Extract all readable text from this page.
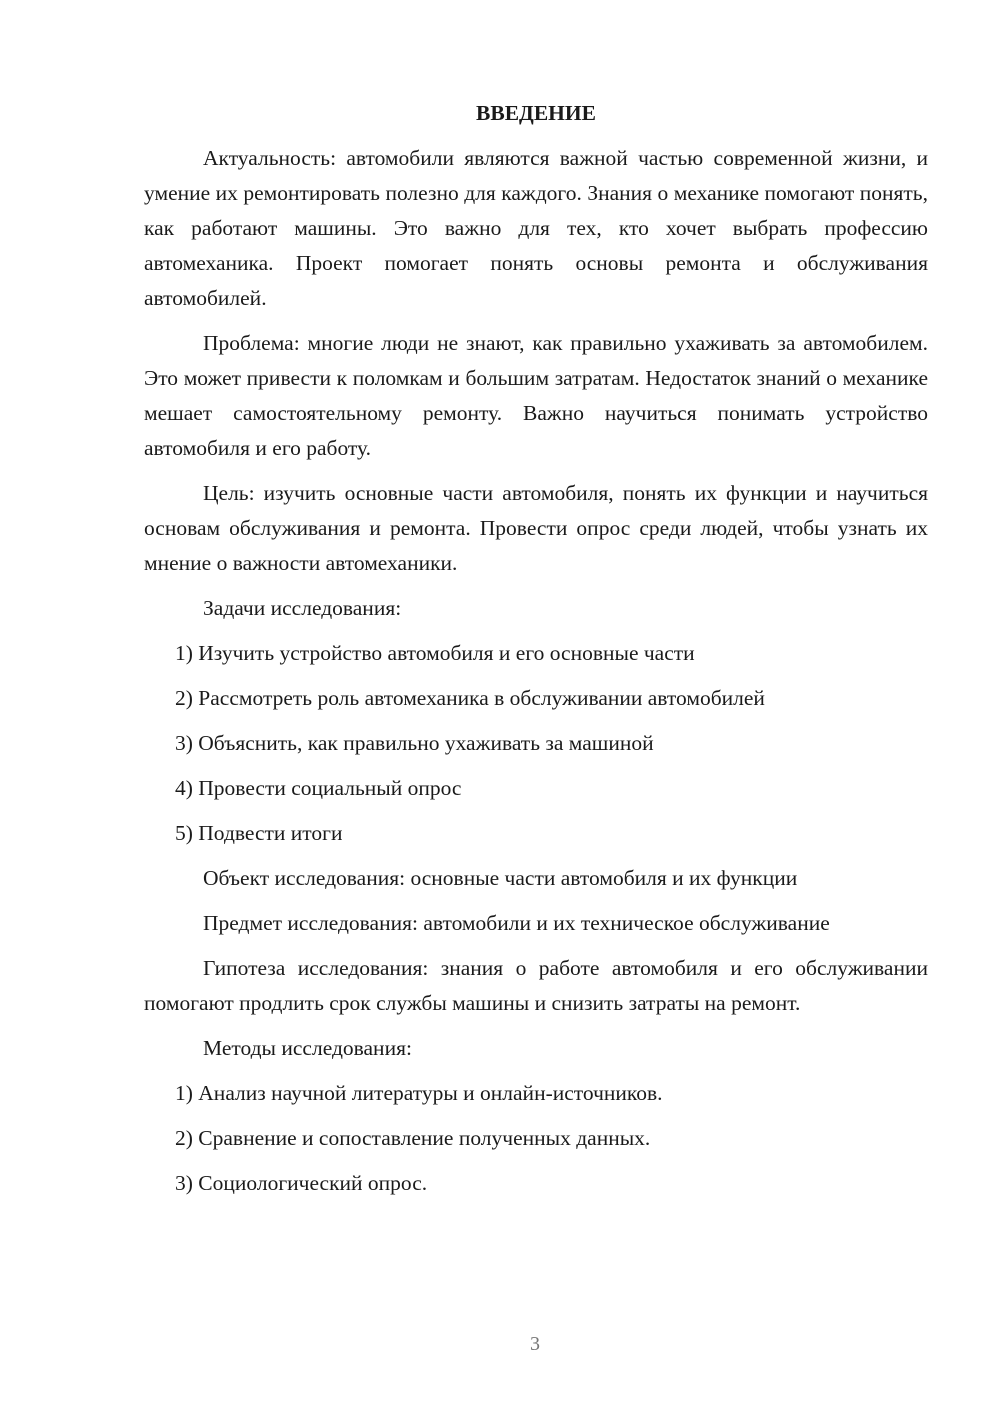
ВВЕДЕНИЕ

Актуальность: автомобили являются важной частью современной жизни, и умение их ремонтировать полезно для каждого. Знания о механике помогают понять, как работают машины. Это важно для тех, кто хочет выбрать профессию автомеханика. Проект помогает понять основы ремонта и обслуживания автомобилей.

Проблема: многие люди не знают, как правильно ухаживать за автомобилем. Это может привести к поломкам и большим затратам. Недостаток знаний о механике мешает самостоятельному ремонту. Важно научиться понимать устройство автомобиля и его работу.

Цель: изучить основные части автомобиля, понять их функции и научиться основам обслуживания и ремонта. Провести опрос среди людей, чтобы узнать их мнение о важности автомеханики.

Задачи исследования:

1) Изучить устройство автомобиля и его основные части
2) Рассмотреть роль автомеханика в обслуживании автомобилей
3) Объяснить, как правильно ухаживать за машиной
4) Провести социальный опрос
5) Подвести итоги

Объект исследования: основные части автомобиля и их функции

Предмет исследования: автомобили и их техническое обслуживание

Гипотеза исследования: знания о работе автомобиля и его обслуживании помогают продлить срок службы машины и снизить затраты на ремонт.

Методы исследования:

1) Анализ научной литературы и онлайн-источников.
2) Сравнение и сопоставление полученных данных.
3) Социологический опрос.
3
